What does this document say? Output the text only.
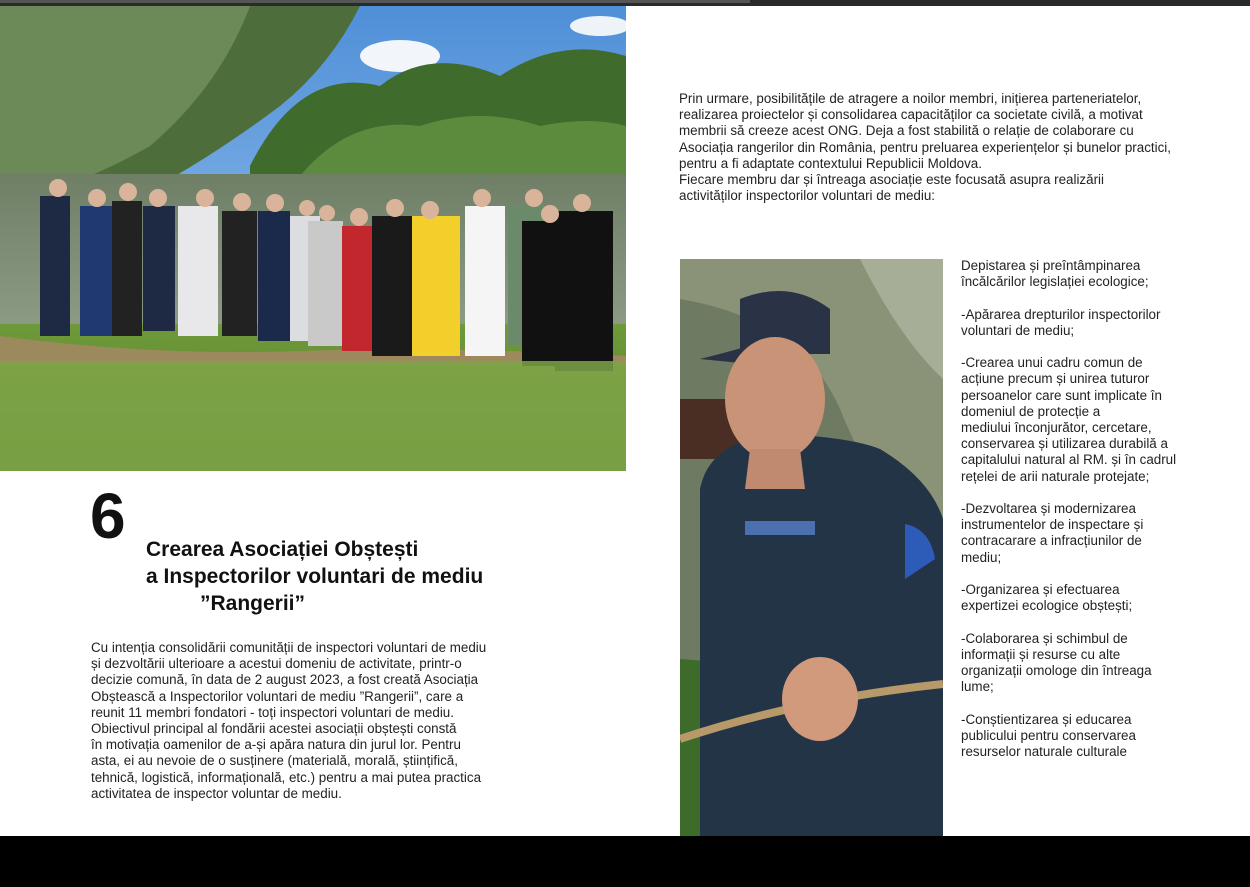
6 Crearea Asociației Obștești
a Inspectorilor voluntari de mediu
”Rangerii”

Cu intenția consolidării comunității de inspectori voluntari de mediu
și dezvoltării ulterioare a acestui domeniu de activitate, printr-o
decizie comună, în data de 2 august 2023, a fost creată Asociația
Obștească a Inspectorilor voluntari de mediu ”Rangerii”, care a
reunit 11 membri fondatori - toți inspectori voluntari de mediu.
Obiectivul principal al fondării acestei asociații obștești constă
în motivația oamenilor de a-și apăra natura din jurul lor. Pentru
asta, ei au nevoie de o susținere (materială, morală, științifică,
tehnică, logistică, informațională, etc.) pentru a mai putea practica
activitatea de inspector voluntar de mediu.

Prin urmare, posibilitățile de atragere a noilor membri, inițierea parteneriatelor,
realizarea proiectelor și consolidarea capacităților ca societate civilă, a motivat
membrii să creeze acest ONG. Deja a fost stabilită o relație de colaborare cu
Asociația rangerilor din România, pentru preluarea experiențelor și bunelor practici,
pentru a fi adaptate contextului Republicii Moldova.
Fiecare membru dar și întreaga asociație este focusată asupra realizării
activităților inspectorilor voluntari de mediu:

Depistarea și preîntâmpinarea
încălcărilor legislației ecologice;
-Apărarea drepturilor inspectorilor
voluntari de mediu;
-Crearea unui cadru comun de
acțiune precum și unirea tuturor
persoanelor care sunt implicate în
domeniul de protecție a
mediului înconjurător, cercetare,
conservarea și utilizarea durabilă a
capitalului natural al RM. și în cadrul
rețelei de arii naturale protejate;
-Dezvoltarea și modernizarea
instrumentelor de inspectare și
contracarare a infracțiunilor de
mediu;
-Organizarea și efectuarea
expertizei ecologice obștești;
-Colaborarea și schimbul de
informații și resurse cu alte
organizații omologe din întreaga
lume;
-Conștientizarea și educarea
publicului pentru conservarea
resurselor naturale culturale
